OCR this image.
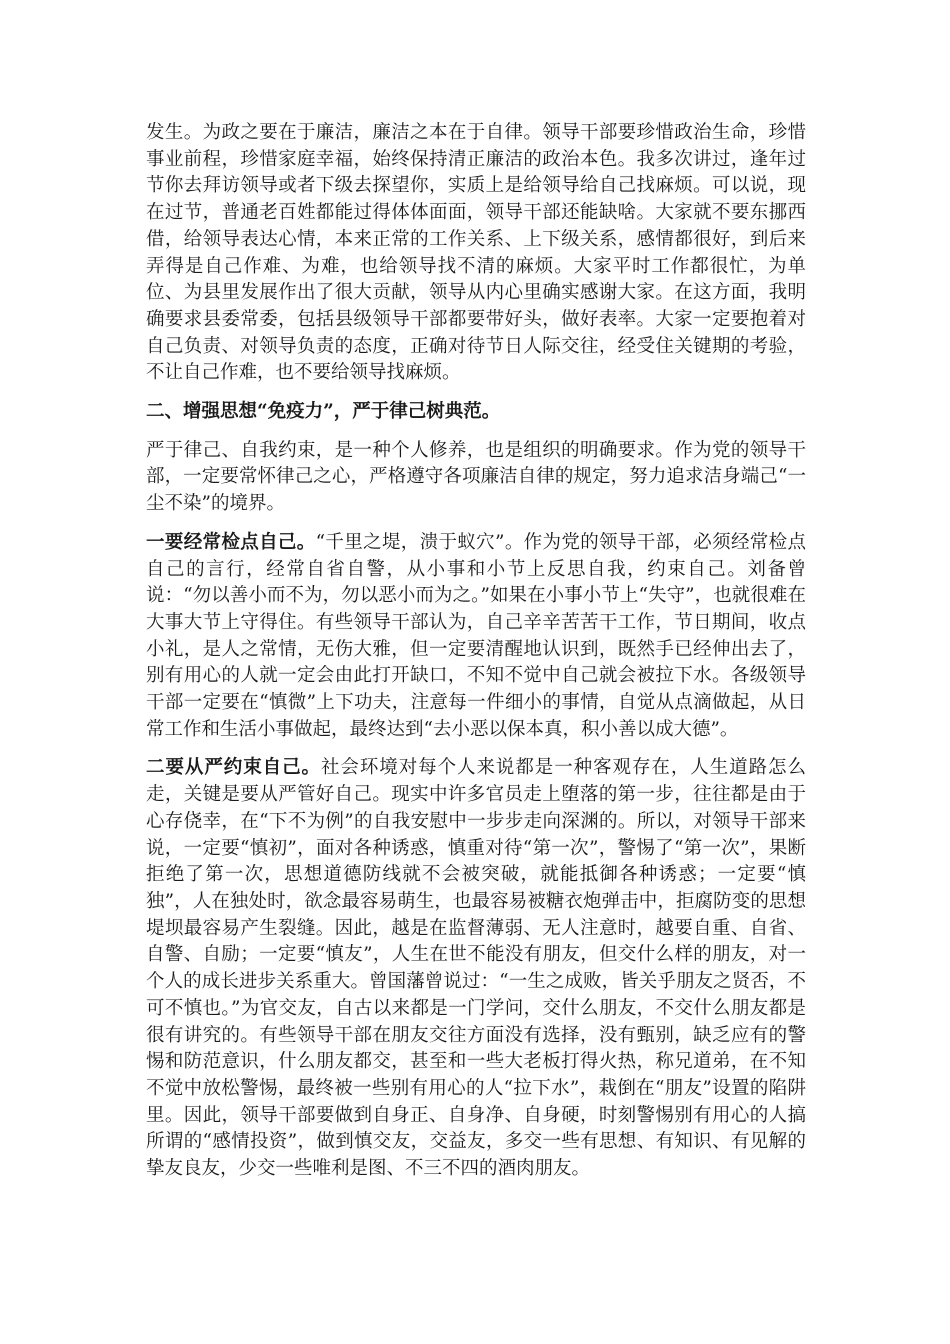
发生。为政之要在于廉洁，廉洁之本在于自律。领导干部要珍惜政治生命，珍惜事业前程，珍惜家庭幸福，始终保持清正廉洁的政治本色。我多次讲过，逢年过节你去拜访领导或者下级去探望你，实质上是给领导给自己找麻烦。可以说，现在过节，普通老百姓都能过得体体面面，领导干部还能缺啥。大家就不要东挪西借，给领导表达心情，本来正常的工作关系、上下级关系，感情都很好，到后来弄得是自己作难、为难，也给领导找不清的麻烦。大家平时工作都很忙，为单位、为县里发展作出了很大贡献，领导从内心里确实感谢大家。在这方面，我明确要求县委常委，包括县级领导干部都要带好头，做好表率。大家一定要抱着对自己负责、对领导负责的态度，正确对待节日人际交往，经受住关键期的考验，不让自己作难，也不要给领导找麻烦。

二、增强思想“免疫力”，严于律己树典范。

严于律己、自我约束，是一种个人修养，也是组织的明确要求。作为党的领导干部，一定要常怀律己之心，严格遵守各项廉洁自律的规定，努力追求洁身端己“一尘不染”的境界。

一要经常检点自己。“千里之堤，溃于蚁穴”。作为党的领导干部，必须经常检点自己的言行，经常自省自警，从小事和小节上反思自我，约束自己。刘备曾说：“勿以善小而不为，勿以恶小而为之。”如果在小事小节上“失守”，也就很难在大事大节上守得住。有些领导干部认为，自己辛辛苦苦干工作，节日期间，收点小礼，是人之常情，无伤大雅，但一定要清醒地认识到，既然手已经伸出去了，别有用心的人就一定会由此打开缺口，不知不觉中自己就会被拉下水。各级领导干部一定要在“慎微”上下功夫，注意每一件细小的事情，自觉从点滴做起，从日常工作和生活小事做起，最终达到“去小恶以保本真，积小善以成大德”。

二要从严约束自己。社会环境对每个人来说都是一种客观存在，人生道路怎么走，关键是要从严管好自己。现实中许多官员走上堕落的第一步，往往都是由于心存侥幸，在“下不为例”的自我安慰中一步步走向深渊的。所以，对领导干部来说，一定要“慎初”，面对各种诱惑，慎重对待“第一次”，警惕了“第一次”，果断拒绝了第一次，思想道德防线就不会被突破，就能抵御各种诱惑；一定要“慎独”，人在独处时，欲念最容易萌生，也最容易被糖衣炮弹击中，拒腐防变的思想堤坝最容易产生裂缝。因此，越是在监督薄弱、无人注意时，越要自重、自省、自警、自励；一定要“慎友”，人生在世不能没有朋友，但交什么样的朋友，对一个人的成长进步关系重大。曾国藩曾说过：“一生之成败，皆关乎朋友之贤否，不可不慎也。”为官交友，自古以来都是一门学问，交什么朋友，不交什么朋友都是很有讲究的。有些领导干部在朋友交往方面没有选择，没有甄别，缺乏应有的警惕和防范意识，什么朋友都交，甚至和一些大老板打得火热，称兄道弟，在不知不觉中放松警惕，最终被一些别有用心的人“拉下水”，栽倒在“朋友”设置的陷阱里。因此，领导干部要做到自身正、自身净、自身硬，时刻警惕别有用心的人搞所谓的“感情投资”，做到慎交友，交益友，多交一些有思想、有知识、有见解的挚友良友，少交一些唯利是图、不三不四的酒肉朋友。
